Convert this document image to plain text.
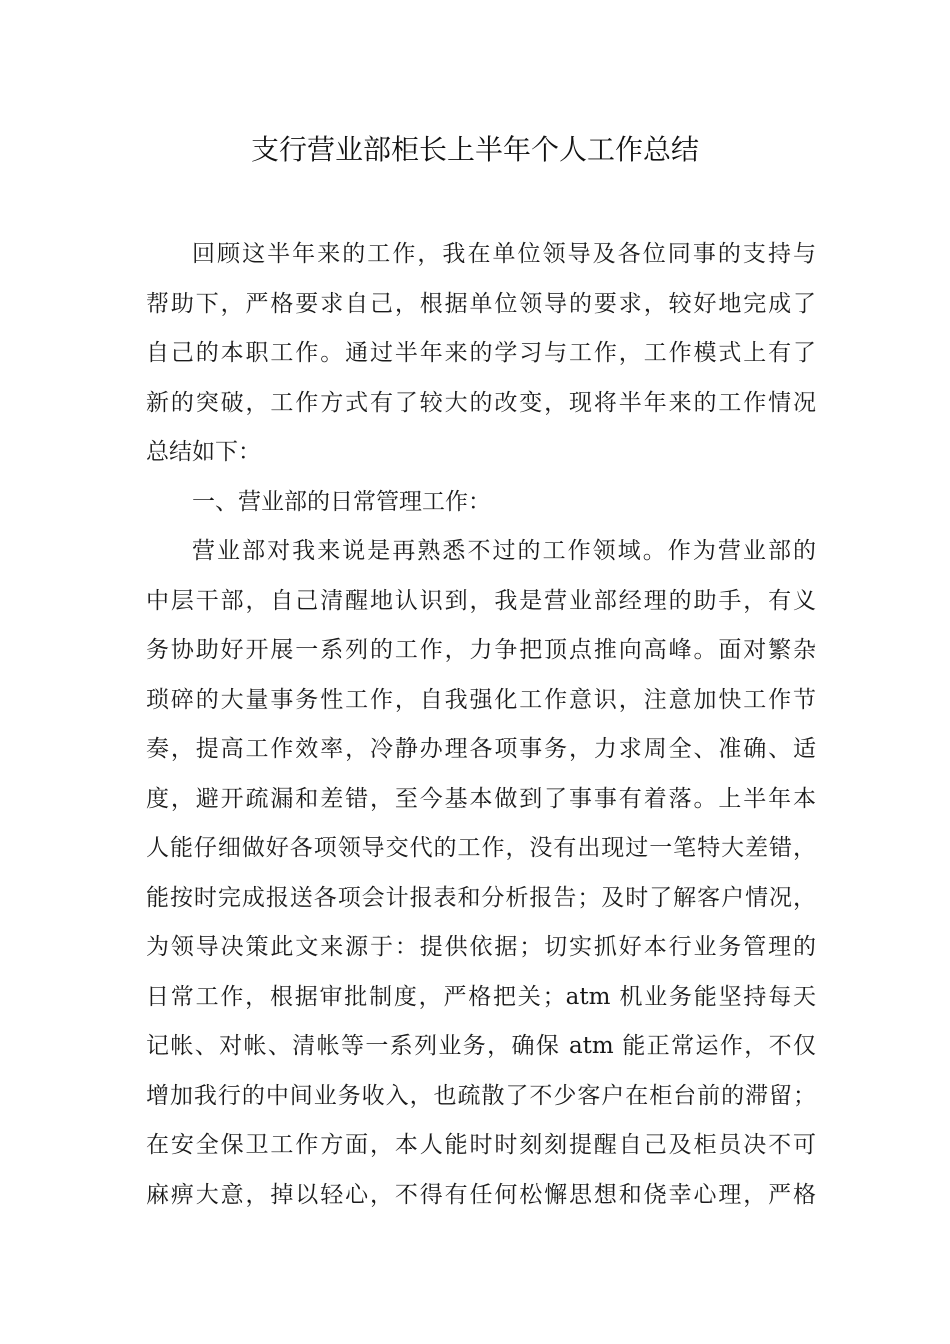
支行营业部柜长上半年个人工作总结
回顾这半年来的工作，我在单位领导及各位同事的支持与
帮助下，严格要求自己，根据单位领导的要求，较好地完成了
自己的本职工作。通过半年来的学习与工作，工作模式上有了
新的突破，工作方式有了较大的改变，现将半年来的工作情况
总结如下：
一、营业部的日常管理工作：
营业部对我来说是再熟悉不过的工作领域。作为营业部的
中层干部，自己清醒地认识到，我是营业部经理的助手，有义
务协助好开展一系列的工作，力争把顶点推向高峰。面对繁杂
琐碎的大量事务性工作，自我强化工作意识，注意加快工作节
奏，提高工作效率，冷静办理各项事务，力求周全、准确、适
度，避开疏漏和差错，至今基本做到了事事有着落。上半年本
人能仔细做好各项领导交代的工作，没有出现过一笔特大差错，
能按时完成报送各项会计报表和分析报告；及时了解客户情况，
为领导决策此文来源于：提供依据；切实抓好本行业务管理的
日常工作，根据审批制度，严格把关；atm 机业务能坚持每天
记帐、对帐、清帐等一系列业务，确保 atm 能正常运作，不仅
增加我行的中间业务收入，也疏散了不少客户在柜台前的滞留；
在安全保卫工作方面，本人能时时刻刻提醒自己及柜员决不可
麻痹大意，掉以轻心，不得有任何松懈思想和侥幸心理，严格
